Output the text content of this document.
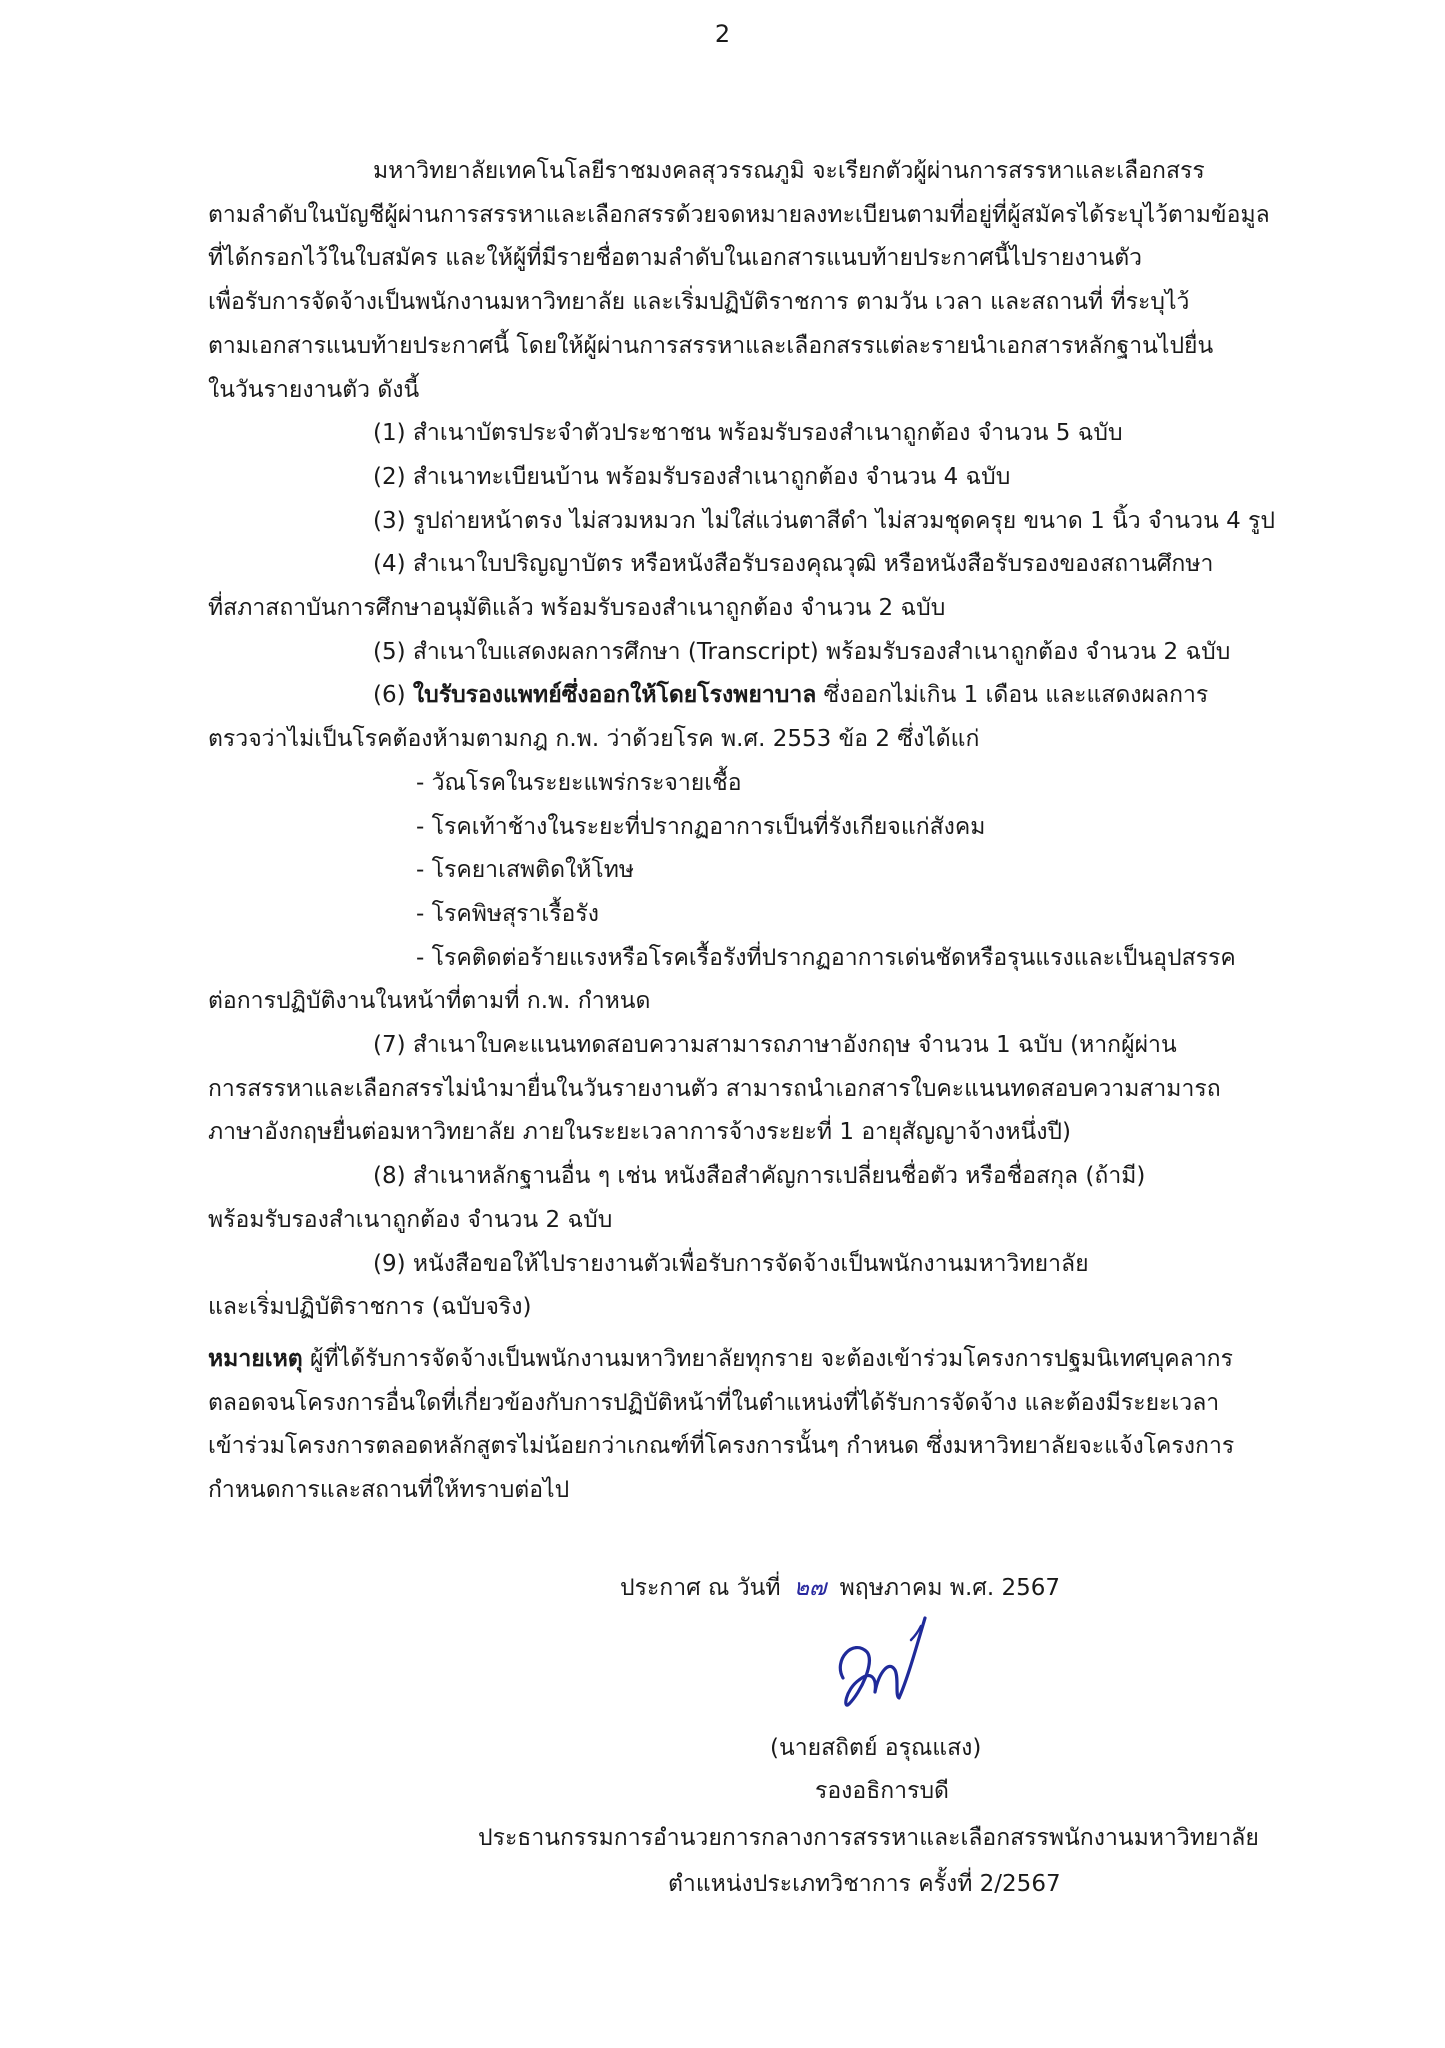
2
มหาวิทยาลัยเทคโนโลยีราชมงคลสุวรรณภูมิ จะเรียกตัวผู้ผ่านการสรรหาและเลือกสรร
ตามลำดับในบัญชีผู้ผ่านการสรรหาและเลือกสรรด้วยจดหมายลงทะเบียนตามที่อยู่ที่ผู้สมัครได้ระบุไว้ตามข้อมูล
ที่ได้กรอกไว้ในใบสมัคร และให้ผู้ที่มีรายชื่อตามลำดับในเอกสารแนบท้ายประกาศนี้ไปรายงานตัว
เพื่อรับการจัดจ้างเป็นพนักงานมหาวิทยาลัย และเริ่มปฏิบัติราชการ ตามวัน เวลา และสถานที่ ที่ระบุไว้
ตามเอกสารแนบท้ายประกาศนี้ โดยให้ผู้ผ่านการสรรหาและเลือกสรรแต่ละรายนำเอกสารหลักฐานไปยื่น
ในวันรายงานตัว ดังนี้
(1) สำเนาบัตรประจำตัวประชาชน พร้อมรับรองสำเนาถูกต้อง จำนวน 5 ฉบับ
(2) สำเนาทะเบียนบ้าน พร้อมรับรองสำเนาถูกต้อง จำนวน 4 ฉบับ
(3) รูปถ่ายหน้าตรง ไม่สวมหมวก ไม่ใส่แว่นตาสีดำ ไม่สวมชุดครุย ขนาด 1 นิ้ว จำนวน 4 รูป
(4) สำเนาใบปริญญาบัตร หรือหนังสือรับรองคุณวุฒิ หรือหนังสือรับรองของสถานศึกษา
ที่สภาสถาบันการศึกษาอนุมัติแล้ว พร้อมรับรองสำเนาถูกต้อง จำนวน 2 ฉบับ
(5) สำเนาใบแสดงผลการศึกษา (Transcript) พร้อมรับรองสำเนาถูกต้อง จำนวน 2 ฉบับ
(6) ใบรับรองแพทย์ซึ่งออกให้โดยโรงพยาบาล ซึ่งออกไม่เกิน 1 เดือน และแสดงผลการ
ตรวจว่าไม่เป็นโรคต้องห้ามตามกฎ ก.พ. ว่าด้วยโรค พ.ศ. 2553 ข้อ 2 ซึ่งได้แก่
- วัณโรคในระยะแพร่กระจายเชื้อ
- โรคเท้าช้างในระยะที่ปรากฏอาการเป็นที่รังเกียจแก่สังคม
- โรคยาเสพติดให้โทษ
- โรคพิษสุราเรื้อรัง
- โรคติดต่อร้ายแรงหรือโรคเรื้อรังที่ปรากฏอาการเด่นชัดหรือรุนแรงและเป็นอุปสรรค
ต่อการปฏิบัติงานในหน้าที่ตามที่ ก.พ. กำหนด
(7) สำเนาใบคะแนนทดสอบความสามารถภาษาอังกฤษ จำนวน 1 ฉบับ (หากผู้ผ่าน
การสรรหาและเลือกสรรไม่นำมายื่นในวันรายงานตัว สามารถนำเอกสารใบคะแนนทดสอบความสามารถ
ภาษาอังกฤษยื่นต่อมหาวิทยาลัย ภายในระยะเวลาการจ้างระยะที่ 1 อายุสัญญาจ้างหนึ่งปี)
(8) สำเนาหลักฐานอื่น ๆ เช่น หนังสือสำคัญการเปลี่ยนชื่อตัว หรือชื่อสกุล (ถ้ามี)
พร้อมรับรองสำเนาถูกต้อง จำนวน 2 ฉบับ
(9) หนังสือขอให้ไปรายงานตัวเพื่อรับการจัดจ้างเป็นพนักงานมหาวิทยาลัย
และเริ่มปฏิบัติราชการ (ฉบับจริง)
หมายเหตุ ผู้ที่ได้รับการจัดจ้างเป็นพนักงานมหาวิทยาลัยทุกราย จะต้องเข้าร่วมโครงการปฐมนิเทศบุคลากร
ตลอดจนโครงการอื่นใดที่เกี่ยวข้องกับการปฏิบัติหน้าที่ในตำแหน่งที่ได้รับการจัดจ้าง และต้องมีระยะเวลา
เข้าร่วมโครงการตลอดหลักสูตรไม่น้อยกว่าเกณฑ์ที่โครงการนั้นๆ กำหนด ซึ่งมหาวิทยาลัยจะแจ้งโครงการ
กำหนดการและสถานที่ให้ทราบต่อไป
ประกาศ ณ วันที่ ๒๗ พฤษภาคม พ.ศ. 2567
(นายสถิตย์ อรุณแสง)
รองอธิการบดี
ประธานกรรมการอำนวยการกลางการสรรหาและเลือกสรรพนักงานมหาวิทยาลัย
ตำแหน่งประเภทวิชาการ ครั้งที่ 2/2567
